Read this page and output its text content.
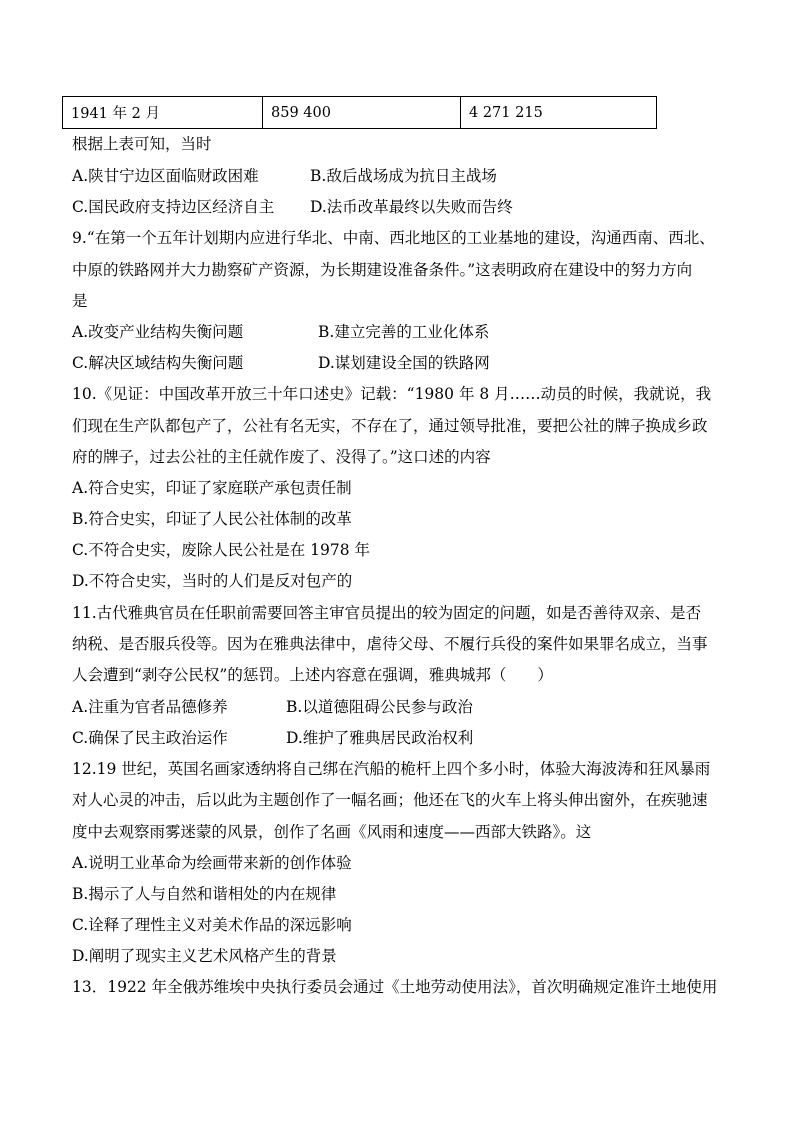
1941 年 2 月	859 400	4 271 215
根据上表可知，当时
A.陕甘宁边区面临财政困难	B.敌后战场成为抗日主战场
C.国民政府支持边区经济自主 D.法币改革最终以失败而告终
9.“在第一个五年计划期内应进行华北、中南、西北地区的工业基地的建设，沟通西南、西北、
中原的铁路网并大力勘察矿产资源，为长期建设准备条件。”这表明政府在建设中的努力方向
是
A.改变产业结构失衡问题	B.建立完善的工业化体系
C.解决区域结构失衡问题	D.谋划建设全国的铁路网
10.《见证：中国改革开放三十年口述史》记载：“1980 年 8 月……动员的时候，我就说，我
们现在生产队都包产了，公社有名无实，不存在了，通过领导批准，要把公社的牌子换成乡政
府的牌子，过去公社的主任就作废了、没得了。”这口述的内容
A.符合史实，印证了家庭联产承包责任制
B.符合史实，印证了人民公社体制的改革
C.不符合史实，废除人民公社是在 1978 年
D.不符合史实，当时的人们是反对包产的
11.古代雅典官员在任职前需要回答主审官员提出的较为固定的问题，如是否善待双亲、是否
纳税、是否服兵役等。因为在雅典法律中，虐待父母、不履行兵役的案件如果罪名成立，当事
人会遭到“剥夺公民权”的惩罚。上述内容意在强调，雅典城邦（　　）
A.注重为官者品德修养	B.以道德阻碍公民参与政治
C.确保了民主政治运作	D.维护了雅典居民政治权利
12.19 世纪，英国名画家透纳将自己绑在汽船的桅杆上四个多小时，体验大海波涛和狂风暴雨
对人心灵的冲击，后以此为主题创作了一幅名画；他还在飞的火车上将头伸出窗外，在疾驰速
度中去观察雨雾迷蒙的风景，创作了名画《风雨和速度——西部大铁路》。这
A.说明工业革命为绘画带来新的创作体验
B.揭示了人与自然和谐相处的内在规律
C.诠释了理性主义对美术作品的深远影响
D.阐明了现实主义艺术风格产生的背景
13．1922 年全俄苏维埃中央执行委员会通过《土地劳动使用法》，首次明确规定准许土地使用
